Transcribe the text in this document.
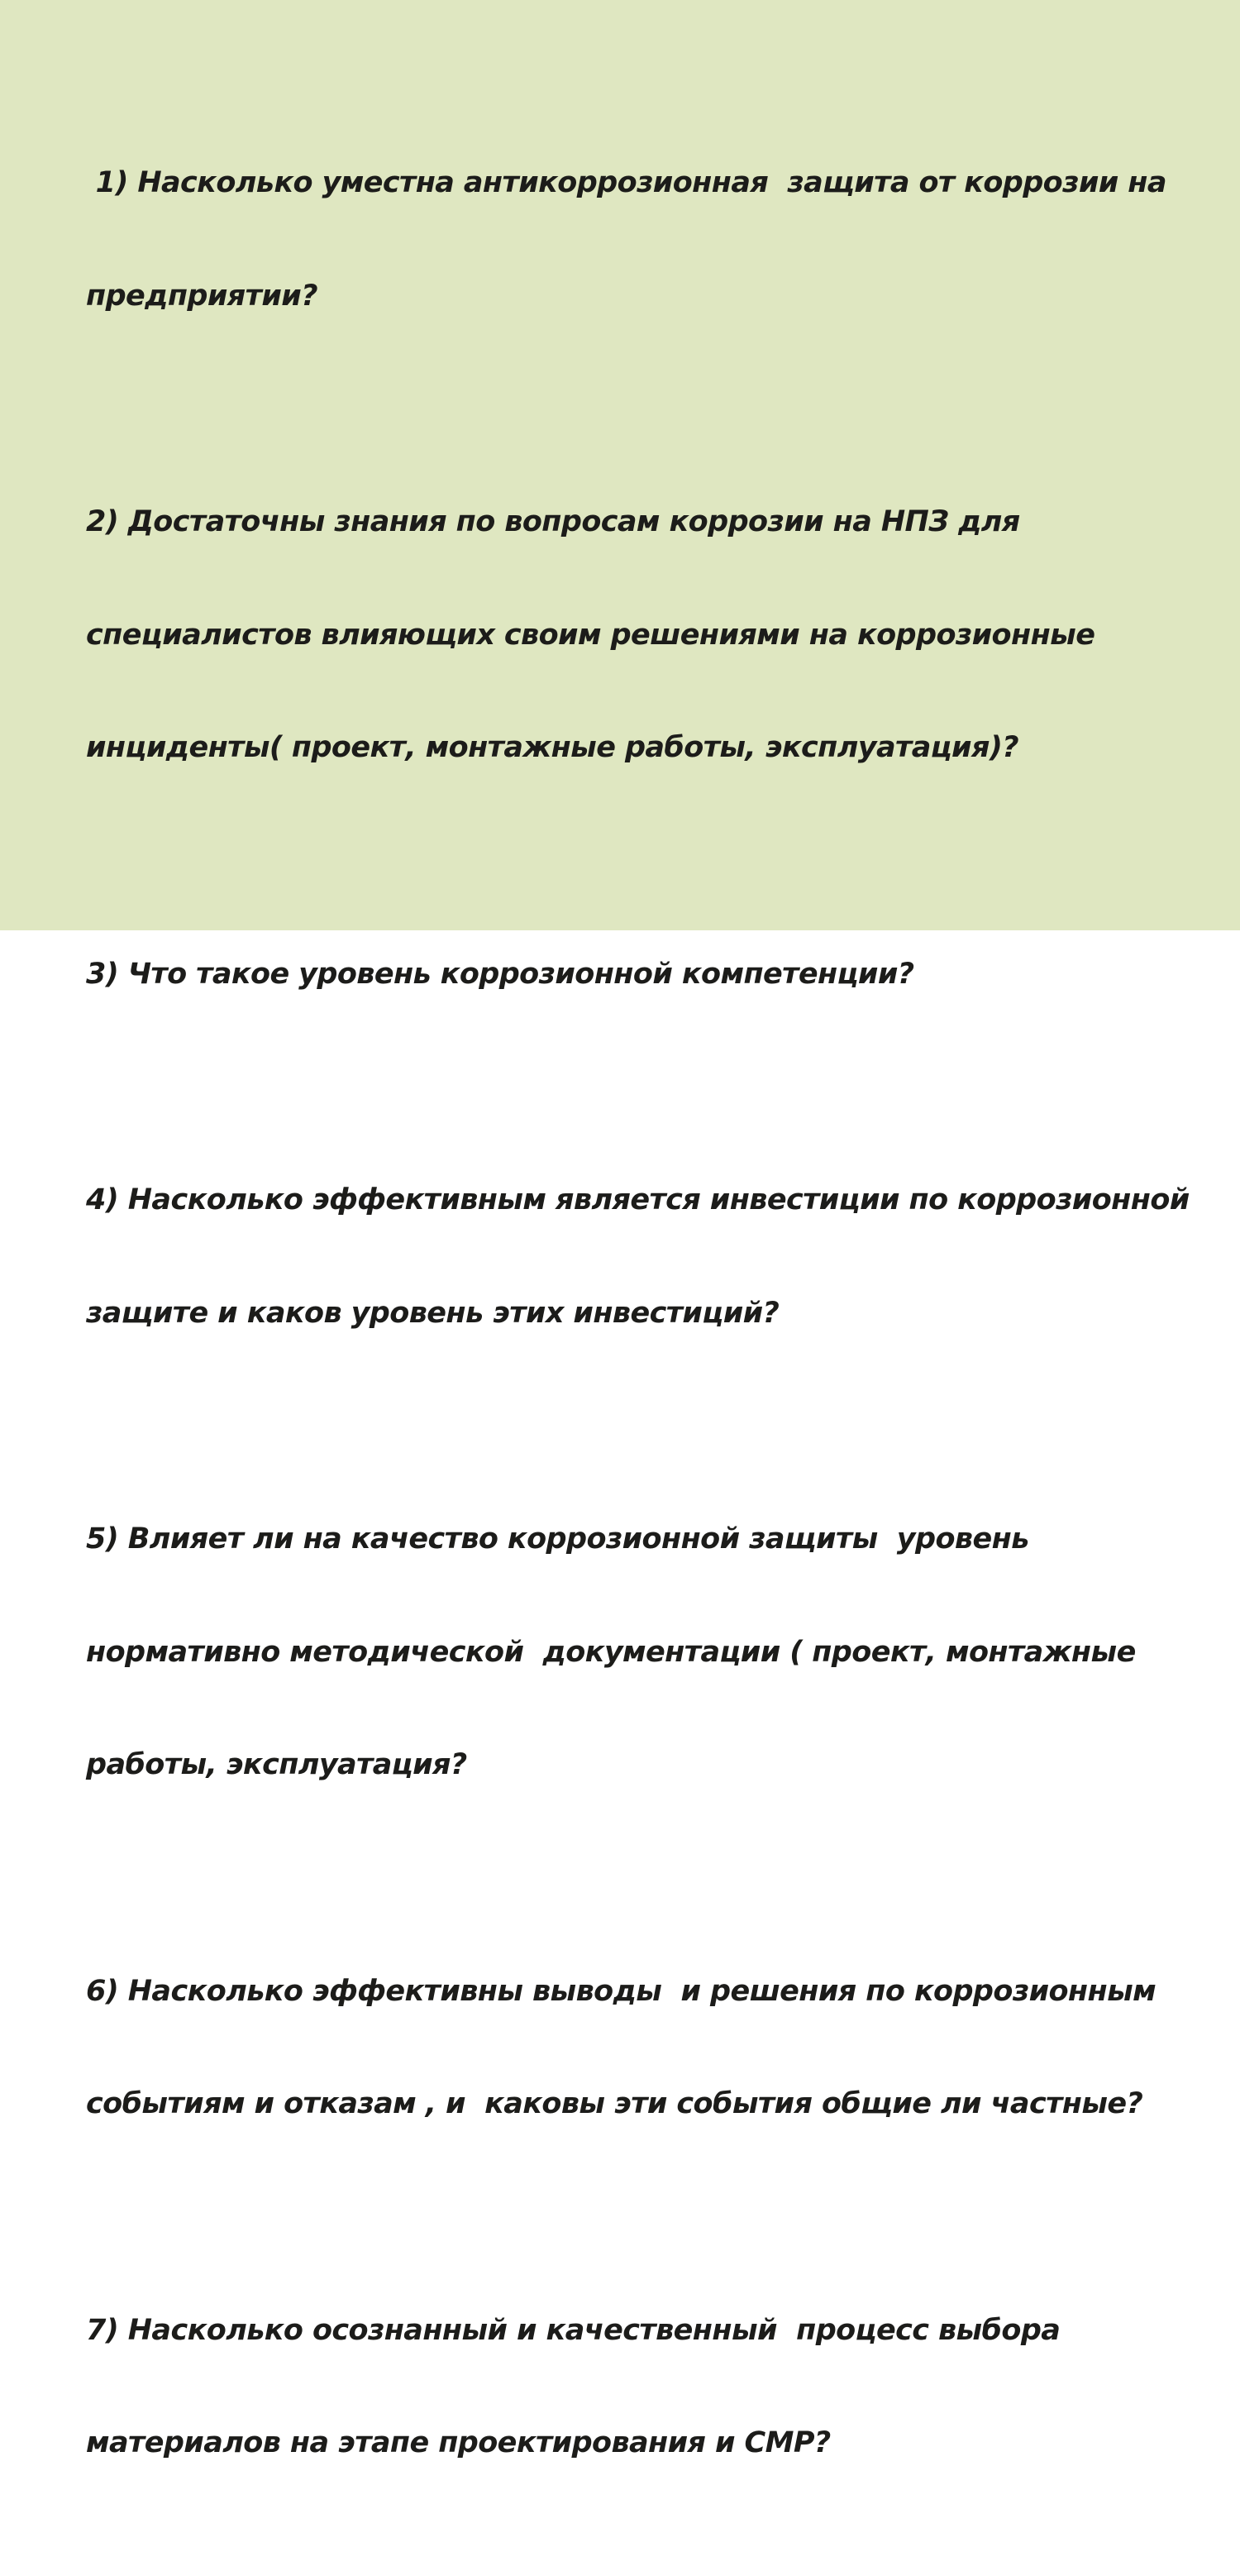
1) Насколько уместна антикоррозионная  защита от коррозии на

предприятии?

2) Достаточны знания по вопросам коррозии на НПЗ для

специалистов влияющих своим решениями на коррозионные

инциденты( проект, монтажные работы, эксплуатация)?

3) Что такое уровень коррозионной компетенции?

4) Насколько эффективным является инвестиции по коррозионной

защите и каков уровень этих инвестиций?

5) Влияет ли на качество коррозионной защиты  уровень

нормативно методической  документации ( проект, монтажные

работы, эксплуатация?

6) Насколько эффективны выводы  и решения по коррозионным

событиям и отказам , и  каковы эти события общие ли частные?

7) Насколько осознанный и качественный  процесс выбора

материалов на этапе проектирования и СМР?
